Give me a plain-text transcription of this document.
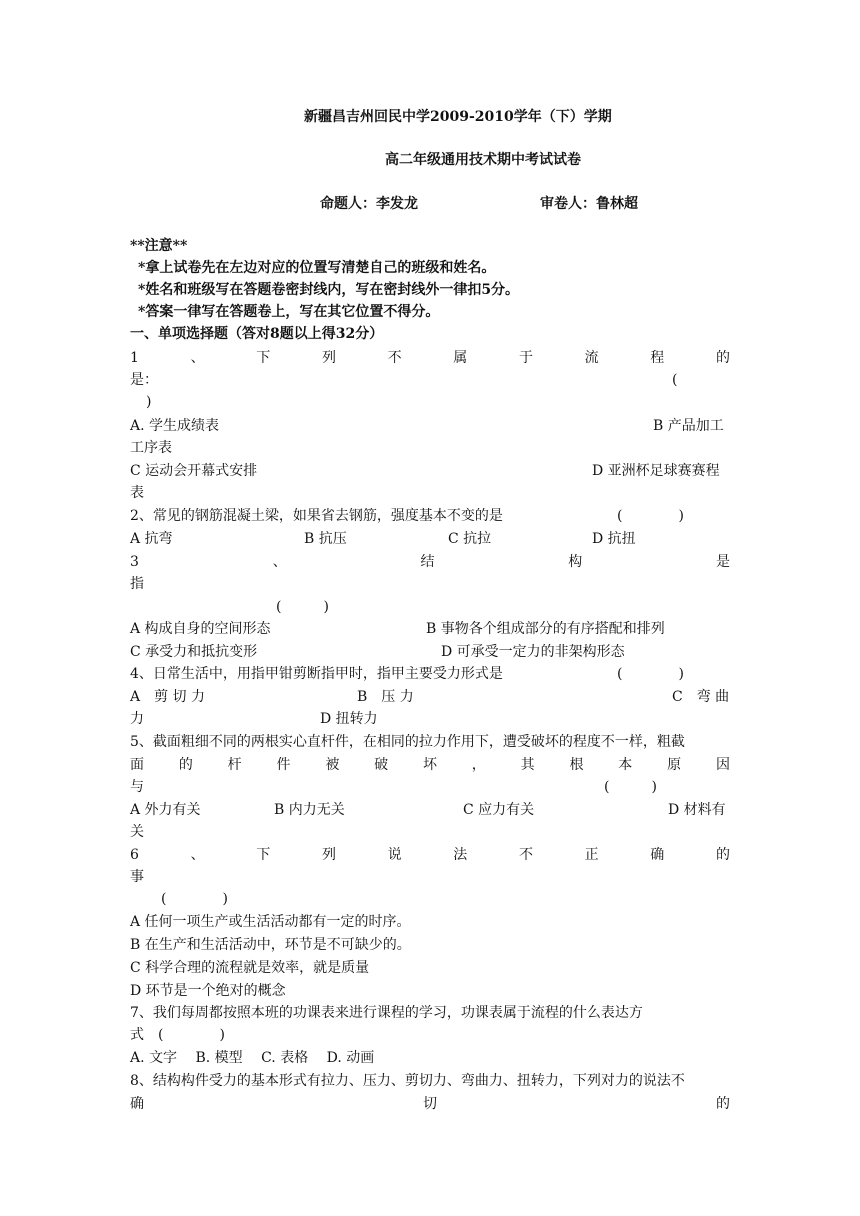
新疆昌吉州回民中学2009-2010学年（下）学期
高二年级通用技术期中考试试卷
命题人：李发龙	审卷人：鲁林超
**注意**
*拿上试卷先在左边对应的位置写清楚自己的班级和姓名。
*姓名和班级写在答题卷密封线内，写在密封线外一律扣5分。
*答案一律写在答题卷上，写在其它位置不得分。
一、单项选择题（答对8题以上得32分）
1	、	下	列	不	属	于	流	程	的
是：	(
)
A. 学生成绩表	B 产品加工
工序表
C 运动会开幕式安排	D 亚洲杯足球赛赛程
表
2、常见的钢筋混凝土梁，如果省去钢筋，强度基本不变的是	(　　　　)
A 抗弯	B 抗压	C 抗拉	D 抗扭
3	、	结	构	是
指
(　　　)
A 构成自身的空间形态	B 事物各个组成部分的有序搭配和排列
C 承受力和抵抗变形	D 可承受一定力的非架构形态
4、日常生活中，用指甲钳剪断指甲时，指甲主要受力形式是	(　　　　)
A　剪 切 力	B　压 力	C　弯 曲
力	D 扭转力
5、截面粗细不同的两根实心直杆件，在相同的拉力作用下，遭受破坏的程度不一样，粗截
面 的 杆 件 被 破 坏 ， 其 根 本 原 因
与	(　　　)
A 外力有关	B 内力无关	C 应力有关	D 材料有
关
6	、	下	列	说	法	不	正	确	的
事
(　　　　)
A 任何一项生产或生活活动都有一定的时序。
B 在生产和生活活动中，环节是不可缺少的。
C 科学合理的流程就是效率，就是质量
D 环节是一个绝对的概念
7、我们每周都按照本班的功课表来进行课程的学习，功课表属于流程的什么表达方
式　(　　　　)
A. 文字　 B. 模型　 C. 表格　 D. 动画
8、结构构件受力的基本形式有拉力、压力、剪切力、弯曲力、扭转力，下列对力的说法不
确	切	的
